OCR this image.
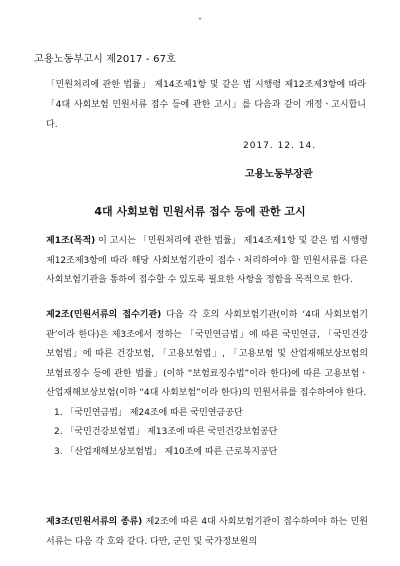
-
고용노동부고시 제2017 - 67호
「민원처리에 관한 법률」 제14조제1항 및 같은 법 시행령 제12조제3항에 따라 「4대 사회보험 민원서류 접수 등에 관한 고시」를 다음과 같이 개정ㆍ고시합니다.
2017. 12. 14.
고용노동부장관
4대 사회보험 민원서류 접수 등에 관한 고시
제1조(목적) 이 고시는 「민원처리에 관한 법률」 제14조제1항 및 같은 법 시행령 제12조제3항에 따라 해당 사회보험기관이 접수ㆍ처리하여야 할 민원서류를 다른 사회보험기관을 통하여 접수할 수 있도록 필요한 사항을 정함을 목적으로 한다.
제2조(민원서류의 접수기관) 다음 각 호의 사회보험기관(이하 ‘4대 사회보험기관’이라 한다)은 제3조에서 정하는 「국민연금법」에 따른 국민연금, 「국민건강보험법」에 따른 건강보험, 「고용보험법」, 「고용보험 및 산업재해보상보험의 보험료징수 등에 관한 법률」(이하 “보험료징수법”이라 한다)에 따른 고용보험ㆍ산업재해보상보험(이하 “4대 사회보험”이라 한다)의 민원서류를 접수하여야 한다.
1. 「국민연금법」 제24조에 따른 국민연금공단
2. 「국민건강보험법」 제13조에 따른 국민건강보험공단
3. 「산업재해보상보험법」 제10조에 따른 근로복지공단
제3조(민원서류의 종류) 제2조에 따른 4대 사회보험기관이 접수하여야 하는 민원서류는 다음 각 호와 같다. 다만, 군인 및 국가정보원의
